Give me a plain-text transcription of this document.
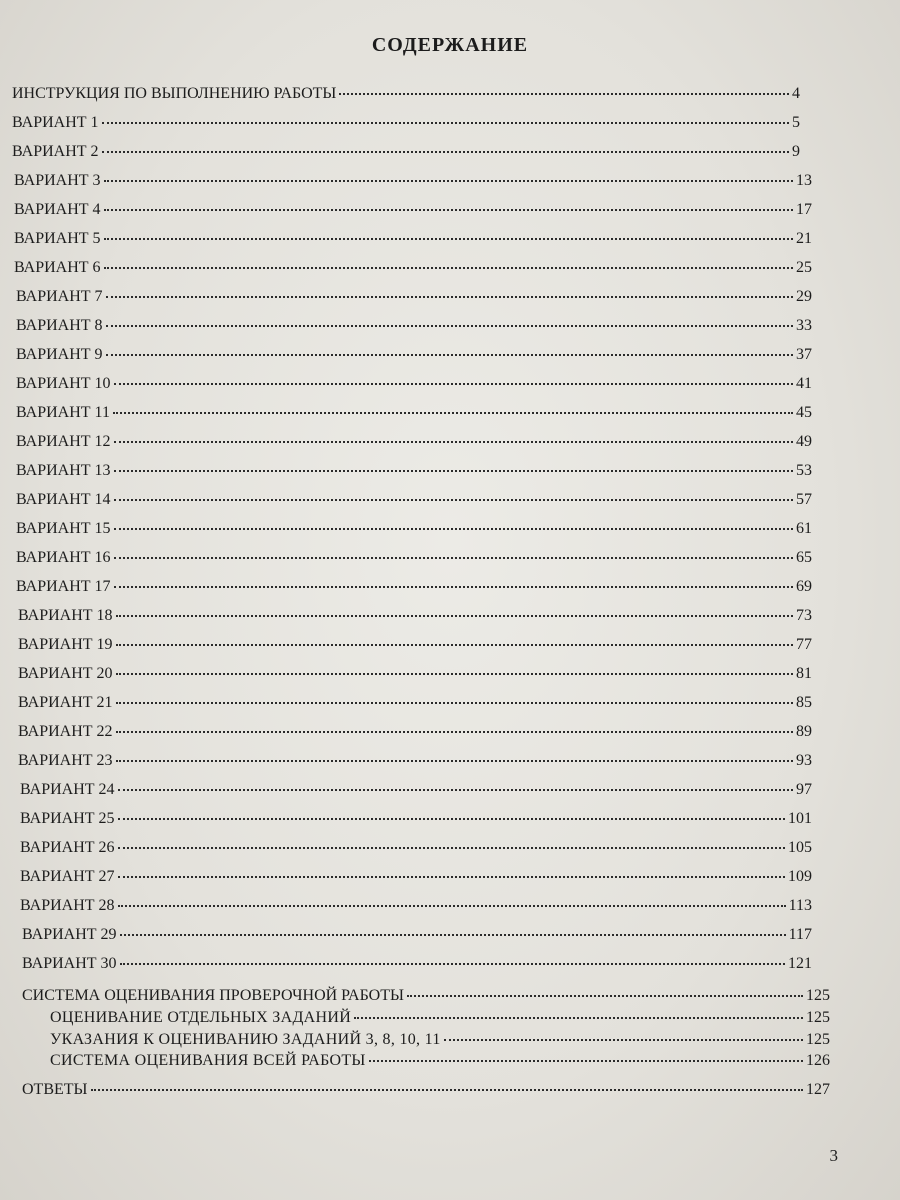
СОДЕРЖАНИЕ
ИНСТРУКЦИЯ ПО ВЫПОЛНЕНИЮ РАБОТЫ	4
ВАРИАНТ 1	5
ВАРИАНТ 2	9
ВАРИАНТ 3	13
ВАРИАНТ 4	17
ВАРИАНТ 5	21
ВАРИАНТ 6	25
ВАРИАНТ 7	29
ВАРИАНТ 8	33
ВАРИАНТ 9	37
ВАРИАНТ 10	41
ВАРИАНТ 11	45
ВАРИАНТ 12	49
ВАРИАНТ 13	53
ВАРИАНТ 14	57
ВАРИАНТ 15	61
ВАРИАНТ 16	65
ВАРИАНТ 17	69
ВАРИАНТ 18	73
ВАРИАНТ 19	77
ВАРИАНТ 20	81
ВАРИАНТ 21	85
ВАРИАНТ 22	89
ВАРИАНТ 23	93
ВАРИАНТ 24	97
ВАРИАНТ 25	101
ВАРИАНТ 26	105
ВАРИАНТ 27	109
ВАРИАНТ 28	113
ВАРИАНТ 29	117
ВАРИАНТ 30	121
СИСТЕМА ОЦЕНИВАНИЯ ПРОВЕРОЧНОЙ РАБОТЫ	125
ОЦЕНИВАНИЕ ОТДЕЛЬНЫХ ЗАДАНИЙ	125
УКАЗАНИЯ К ОЦЕНИВАНИЮ ЗАДАНИЙ 3, 8, 10, 11	125
СИСТЕМА ОЦЕНИВАНИЯ ВСЕЙ РАБОТЫ	126
ОТВЕТЫ	127
3
